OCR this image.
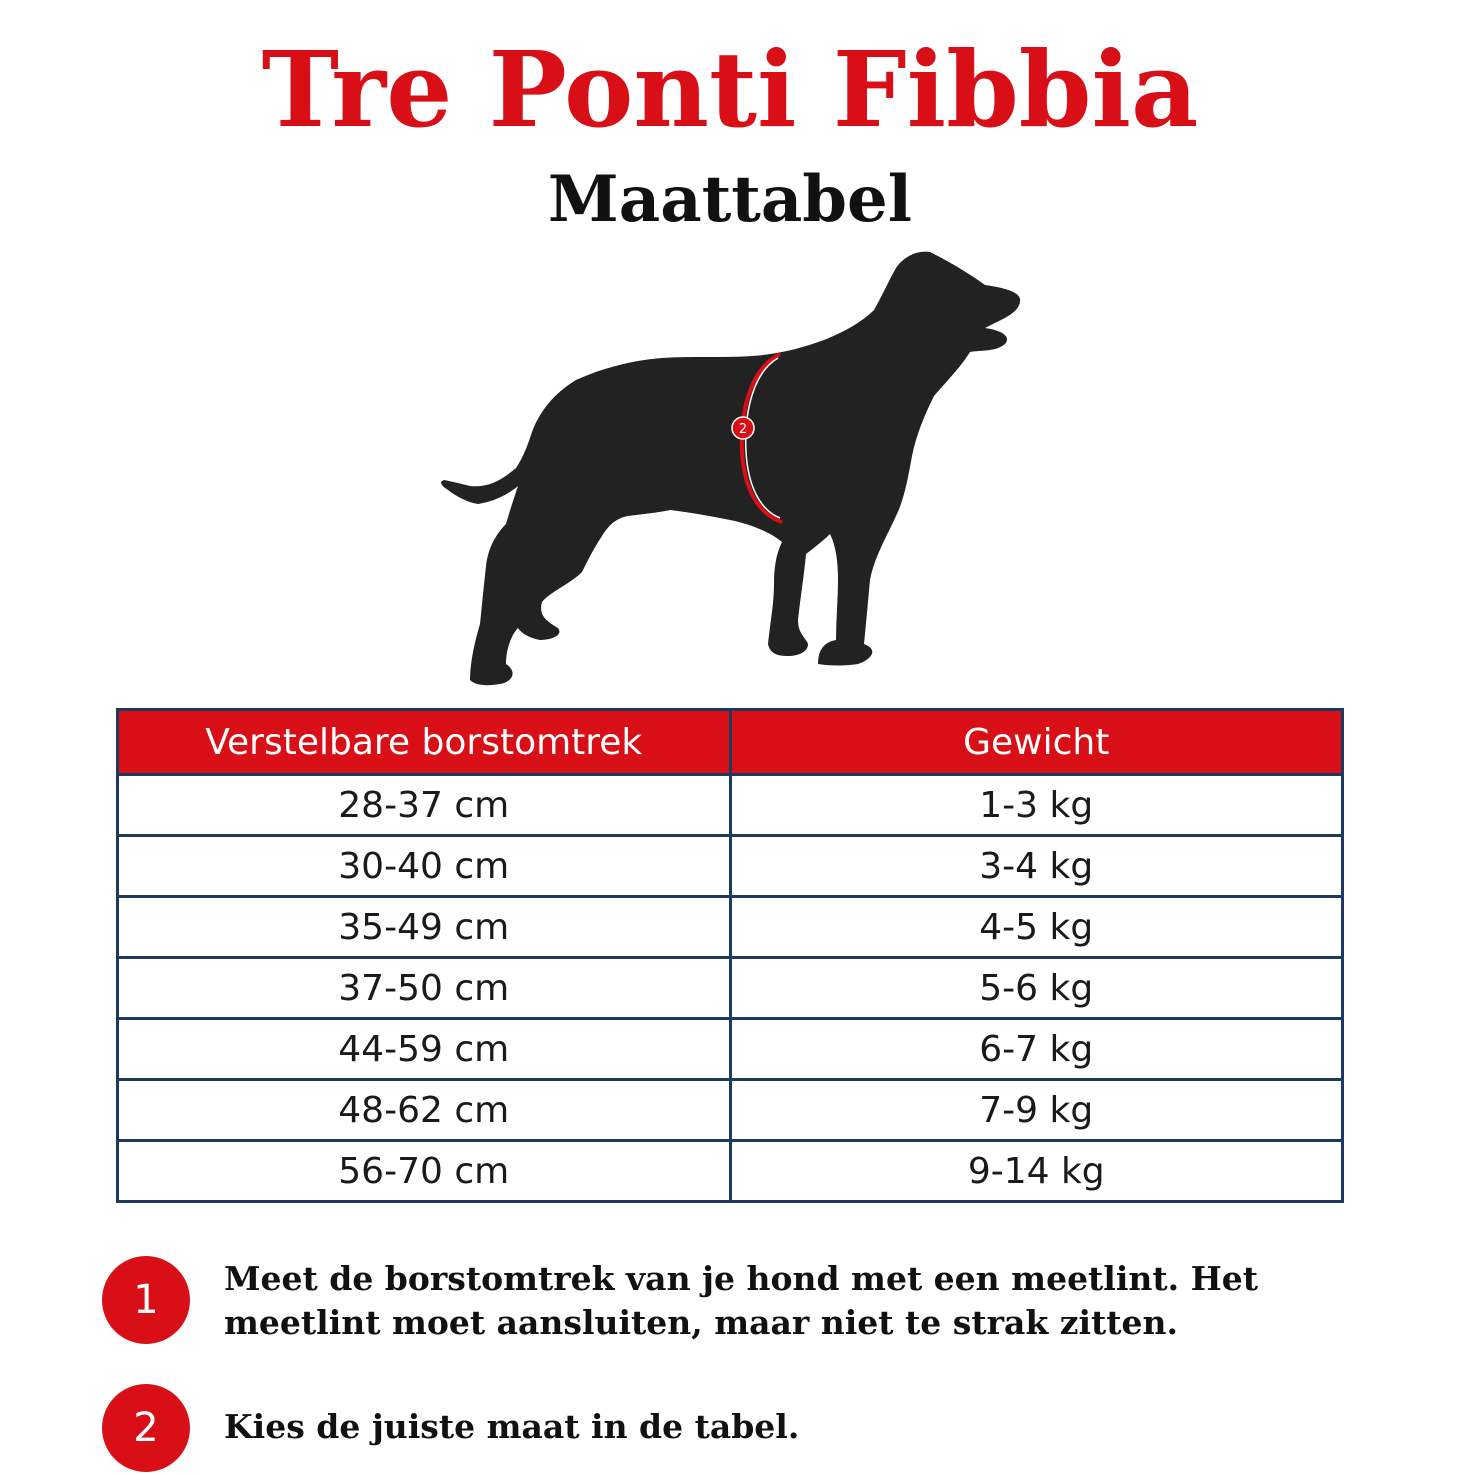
Tre Ponti Fibbia
Maattabel
2
Verstelbare borstomtrek	Gewicht
28-37 cm	1-3 kg
30-40 cm	3-4 kg
35-49 cm	4-5 kg
37-50 cm	5-6 kg
44-59 cm	6-7 kg
48-62 cm	7-9 kg
56-70 cm	9-14 kg
1	Meet de borstomtrek van je hond met een meetlint. Het
meetlint moet aansluiten, maar niet te strak zitten.
2	Kies de juiste maat in de tabel.
